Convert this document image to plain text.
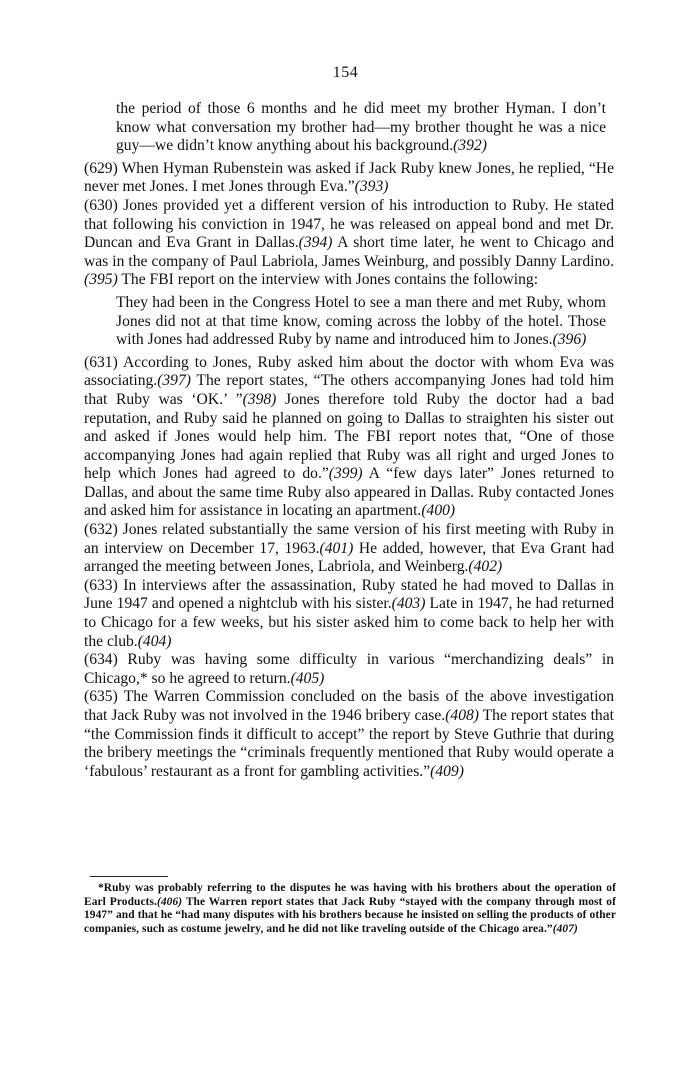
154

the period of those 6 months and he did meet my brother Hyman. I don’t know what conversation my brother had—my brother thought he was a nice guy—we didn’t know anything about his background.(392)

(629) When Hyman Rubenstein was asked if Jack Ruby knew Jones, he replied, “He never met Jones. I met Jones through Eva.”(393)

(630) Jones provided yet a different version of his introduction to Ruby. He stated that following his conviction in 1947, he was released on appeal bond and met Dr. Duncan and Eva Grant in Dallas.(394) A short time later, he went to Chicago and was in the company of Paul Labriola, James Weinburg, and possibly Danny Lardino.(395) The FBI report on the interview with Jones contains the following:

They had been in the Congress Hotel to see a man there and met Ruby, whom Jones did not at that time know, coming across the lobby of the hotel. Those with Jones had addressed Ruby by name and introduced him to Jones.(396)

(631) According to Jones, Ruby asked him about the doctor with whom Eva was associating.(397) The report states, “The others accompanying Jones had told him that Ruby was ‘OK.’ ”(398) Jones therefore told Ruby the doctor had a bad reputation, and Ruby said he planned on going to Dallas to straighten his sister out and asked if Jones would help him. The FBI report notes that, “One of those accompanying Jones had again replied that Ruby was all right and urged Jones to help which Jones had agreed to do.”(399) A “few days later” Jones returned to Dallas, and about the same time Ruby also appeared in Dallas. Ruby contacted Jones and asked him for assistance in locating an apartment.(400)

(632) Jones related substantially the same version of his first meeting with Ruby in an interview on December 17, 1963.(401) He added, however, that Eva Grant had arranged the meeting between Jones, Labriola, and Weinberg.(402)

(633) In interviews after the assassination, Ruby stated he had moved to Dallas in June 1947 and opened a nightclub with his sister.(403) Late in 1947, he had returned to Chicago for a few weeks, but his sister asked him to come back to help her with the club.(404)

(634) Ruby was having some difficulty in various “merchandizing deals” in Chicago,* so he agreed to return.(405)

(635) The Warren Commission concluded on the basis of the above investigation that Jack Ruby was not involved in the 1946 bribery case.(408) The report states that “the Commission finds it difficult to accept” the report by Steve Guthrie that during the bribery meetings the “criminals frequently mentioned that Ruby would operate a ‘fabulous’ restaurant as a front for gambling activities.”(409)

*Ruby was probably referring to the disputes he was having with his brothers about the operation of Earl Products.(406) The Warren report states that Jack Ruby “stayed with the company through most of 1947” and that he “had many disputes with his brothers because he insisted on selling the products of other companies, such as costume jewelry, and he did not like traveling outside of the Chicago area.”(407)
